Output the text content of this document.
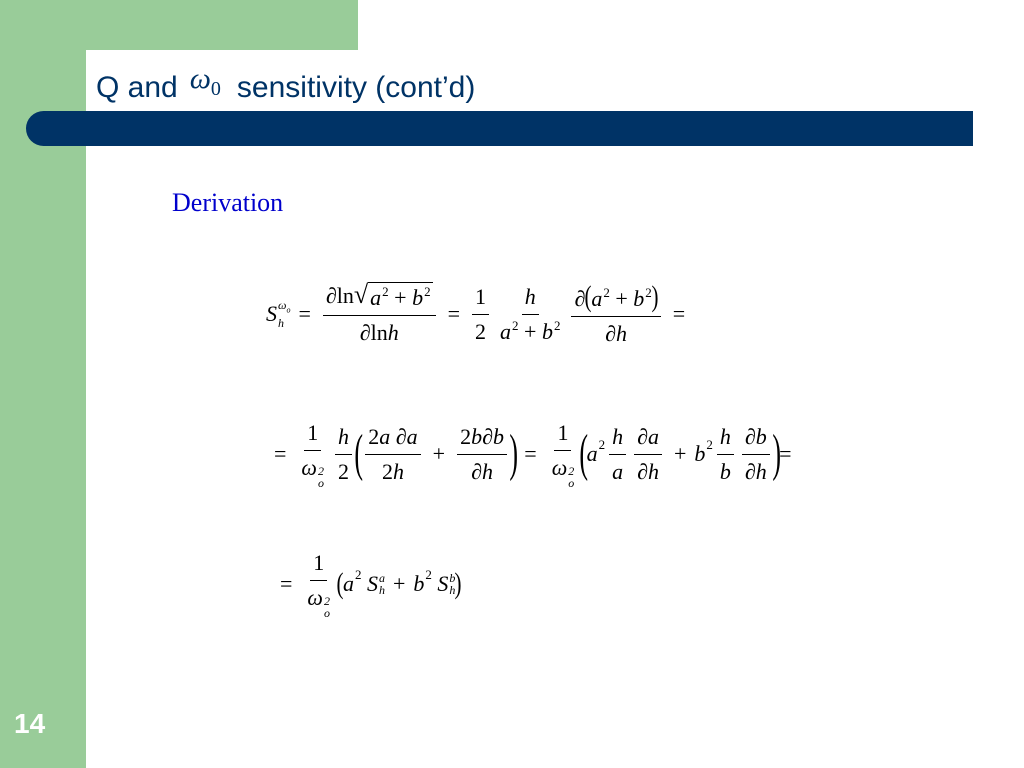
Q and $\omega_0$ sensitivity (cont’d)
14
Derivation
S $\omega_o$
$h = \frac{\partial\ln √ a^2 + b^2}{\partial\ln h} = \frac{1}{2} \frac{h}{a^2 + b^2} \frac{\partial(a^2 + b^2)}{\partial h}$ =
= 1
ω 2
o $\frac{h}{2}$ ( $\frac{2a \partial a}{2h} + \frac{2b\partial b}{\partial h}$ ) = 1
ω 2
o (
a $2 \frac{h}{a} \frac{\partial a}{\partial h} + b$ $2 \frac{h}{b} \frac{\partial b}{\partial h}$ )
=
= 1
ω 2
o ( a 2
S a
h + b 2
S b
h )
